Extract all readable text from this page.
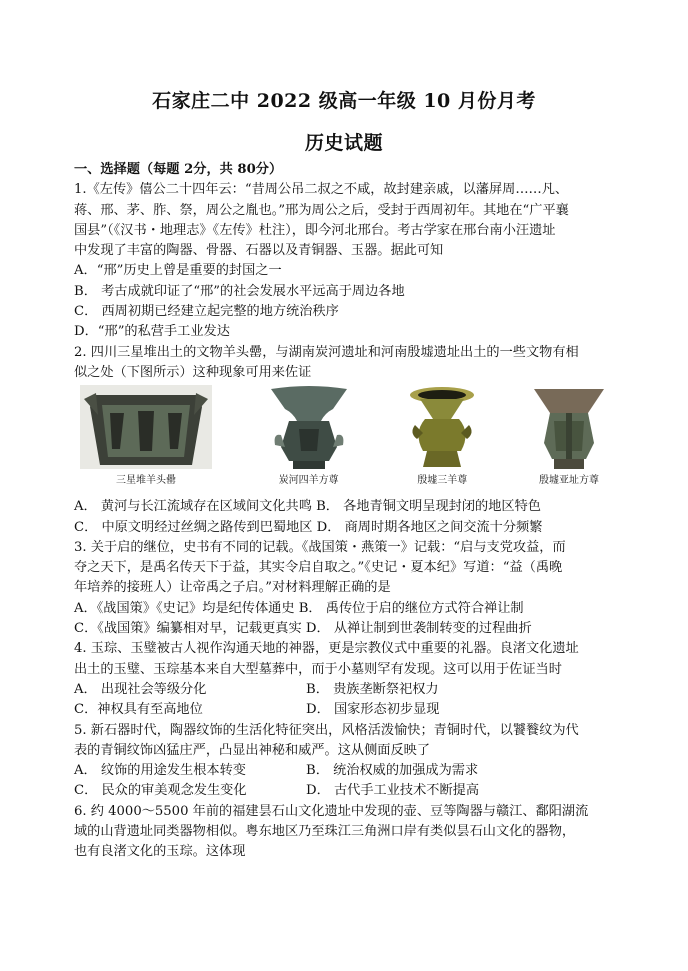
石家庄二中 2022 级高一年级 10 月份月考
历史试题

一、选择题（每题 2分，共 80分）

1.《左传》僖公二十四年云：“昔周公吊二叔之不咸，故封建亲戚，以藩屏周……凡、

蒋、邢、茅、胙、祭，周公之胤也。”邢为周公之后，受封于西周初年。其地在“广平襄

国县”（《汉书・地理志》《左传》杜注），即今河北邢台。考古学家在邢台南小汪遗址

中发现了丰富的陶器、骨器、石器以及青铜器、玉器。据此可知

A．“邢”历史上曾是重要的封国之一

B． 考古成就印证了“邢”的社会发展水平远高于周边各地

C． 西周初期已经建立起完整的地方统治秩序

D．“邢”的私营手工业发达

2. 四川三星堆出土的文物羊头罍，与湖南炭河遗址和河南殷墟遗址出土的一些文物有相

似之处（下图所示）这种现象可用来佐证

三星堆羊头罍	炭河四羊方尊	殷墟三羊尊	殷墟亚址方尊

A． 黄河与长江流域存在区域间文化共鸣 B． 各地青铜文明呈现封闭的地区特色

C． 中原文明经过丝绸之路传到巴蜀地区 D． 商周时期各地区之间交流十分频繁

3. 关于启的继位，史书有不同的记载。《战国策・燕策一》记载：“启与支党攻益，而

夺之天下，是禹名传天下于益，其实令启自取之。”《史记・夏本纪》写道：“益（禹晚

年培养的接班人）让帝禹之子启。”对材料理解正确的是

A．《战国策》《史记》均是纪传体通史 B． 禹传位于启的继位方式符合禅让制

C．《战国策》编纂相对早，记载更真实 D． 从禅让制到世袭制转变的过程曲折

4. 玉琮、玉璧被古人视作沟通天地的神器，更是宗教仪式中重要的礼器。良渚文化遗址

出土的玉璧、玉琮基本来自大型墓葬中，而于小墓则罕有发现。这可以用于佐证当时

A． 出现社会等级分化	B． 贵族垄断祭祀权力
C．神权具有至高地位	D． 国家形态初步显现

5. 新石器时代，陶器纹饰的生活化特征突出，风格活泼愉快；青铜时代，以饕餮纹为代

表的青铜纹饰凶猛庄严，凸显出神秘和威严。这从侧面反映了

A． 纹饰的用途发生根本转变	B． 统治权威的加强成为需求
C． 民众的审美观念发生变化	D． 古代手工业技术不断提高

6. 约 4000～5500 年前的福建昙石山文化遗址中发现的壶、豆等陶器与赣江、鄱阳湖流

域的山背遗址同类器物相似。粤东地区乃至珠江三角洲口岸有类似昙石山文化的器物，

也有良渚文化的玉琮。这体现
